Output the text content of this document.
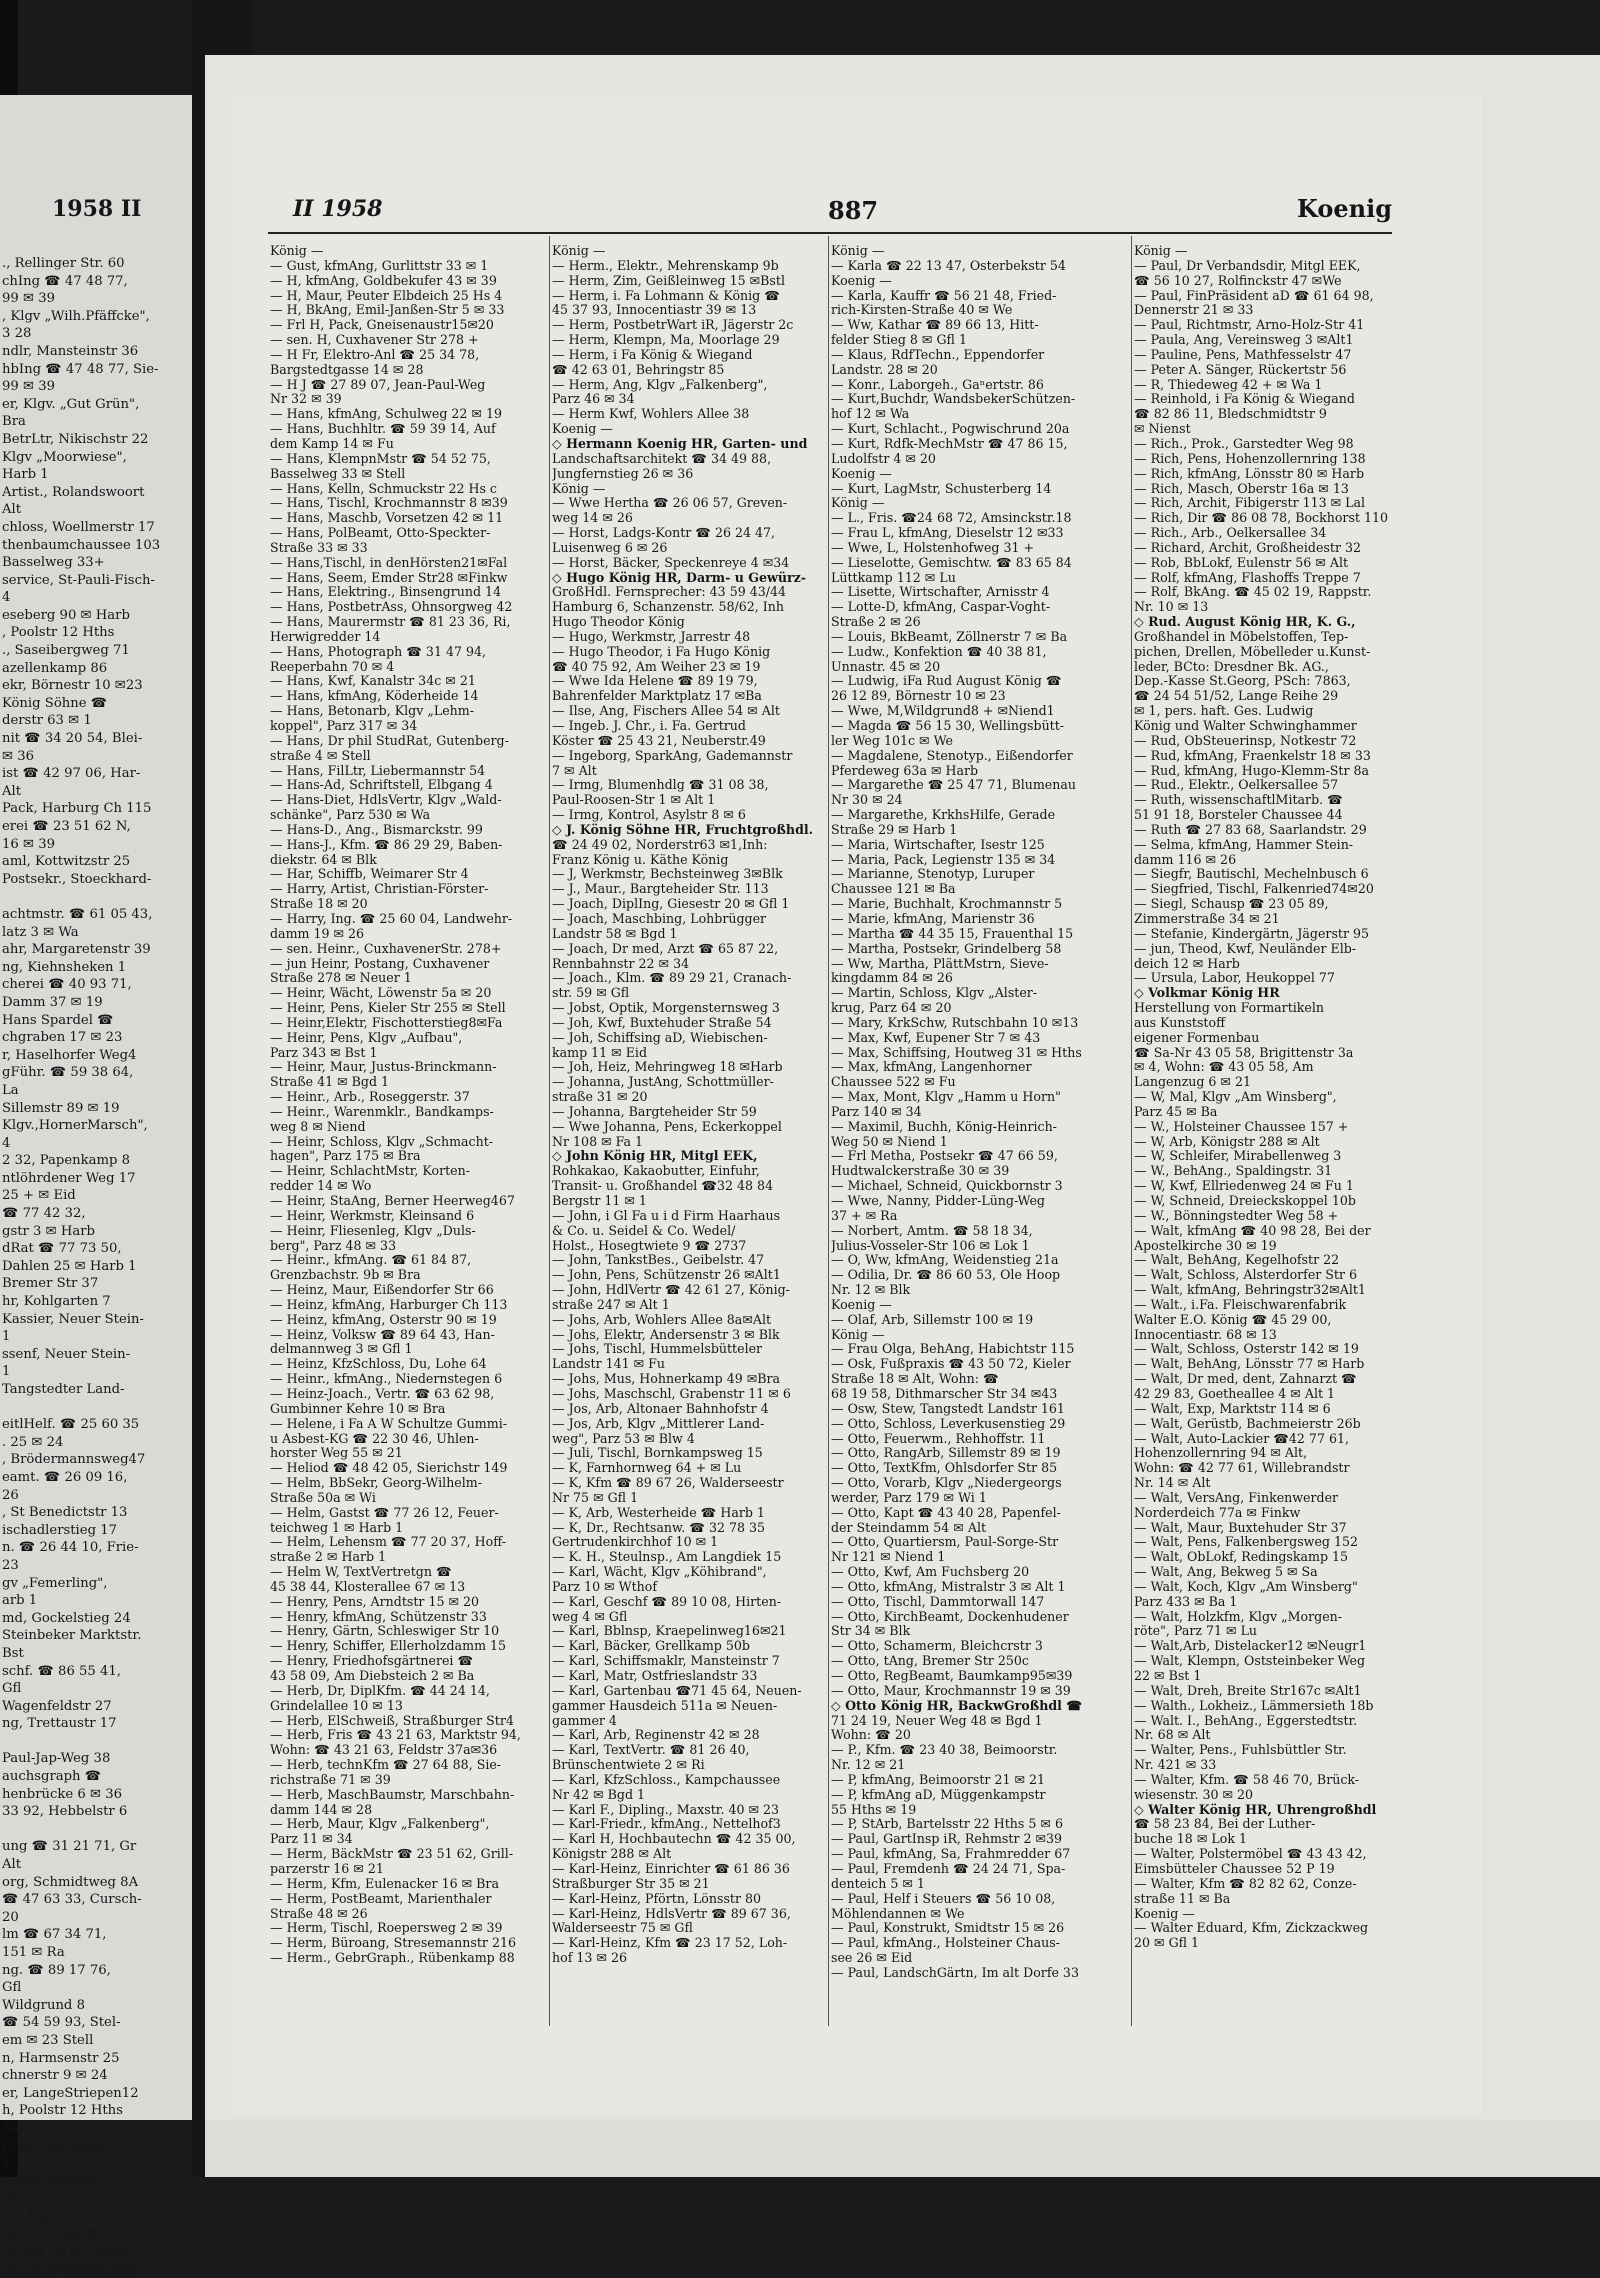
1958 II
., Rellinger Str. 60
chIng ☎ 47 48 77,
99 ✉ 39
, Klgv „Wilh.Pfäffcke",
3 28
ndlr, Mansteinstr 36
hbIng ☎ 47 48 77, Sie-
99 ✉ 39
er, Klgv. „Gut Grün",
Bra
BetrLtr, Nikischstr 22
Klgv „Moorwiese",
Harb 1
Artist., Rolandswoort
Alt
chloss, Woellmerstr 17
thenbaumchaussee 103
Basselweg 33+
service, St-Pauli-Fisch-
4
eseberg 90 ✉ Harb
, Poolstr 12 Hths
., Saseibergweg 71
azellenkamp 86
ekr, Börnestr 10 ✉23
König Söhne ☎
derstr 63 ✉ 1
nit ☎ 34 20 54, Blei-
✉ 36
ist ☎ 42 97 06, Har-
Alt
Pack, Harburg Ch 115
erei ☎ 23 51 62 N,
16 ✉ 39
aml, Kottwitzstr 25
Postsekr., Stoeckhard-

achtmstr. ☎ 61 05 43,
latz 3 ✉ Wa
ahr, Margaretenstr 39
ng, Kiehnsheken 1
cherei ☎ 40 93 71,
Damm 37 ✉ 19
Hans Spardel ☎
chgraben 17 ✉ 23
r, Haselhorfer Weg4
gFühr. ☎ 59 38 64,
La
Sillemstr 89 ✉ 19
Klgv.,HornerMarsch",
4
2 32, Papenkamp 8
ntlöhrdener Weg 17
25 + ✉ Eid
☎ 77 42 32,
gstr 3 ✉ Harb
dRat ☎ 77 73 50,
Dahlen 25 ✉ Harb 1
Bremer Str 37
hr, Kohlgarten 7
Kassier, Neuer Stein-
1
ssenf, Neuer Stein-
1
Tangstedter Land-

eitlHelf. ☎ 25 60 35
. 25 ✉ 24
, Brödermannsweg47
eamt. ☎ 26 09 16,
26
, St Benedictstr 13
ischadlerstieg 17
n. ☎ 26 44 10, Frie-
23
gv „Femerling",
arb 1
md, Gockelstieg 24
Steinbeker Marktstr.
Bst
schf. ☎ 86 55 41,
Gfl
Wagenfeldstr 27
ng, Trettaustr 17

Paul-Jap-Weg 38
auchsgraph ☎
henbrücke 6 ✉ 36
33 92, Hebbelstr 6

ung ☎ 31 21 71, Gr
Alt
org, Schmidtweg 8A
☎ 47 63 33, Cursch-
20
lm ☎ 67 34 71,
151 ✉ Ra
ng. ☎ 89 17 76,
Gfl
Wildgrund 8
☎ 54 59 93, Stel-
em ✉ 23 Stell
n, Harmsenstr 25
chnerstr 9 ✉ 24
er, LangeStriepen12
h, Poolstr 12 Hths
Slomanstr. 31 ✉ 2
issar, Buchwald-
1
t, Bahrenfelder
Ba
str, Klgv „Ham-
Parr 227✉Bstl
ler Str 28 ✉ Finkw
ph., Schwarzbuchen-
II 1958	887	Koenig
König —
— Gust, kfmAng, Gurlittstr 33 ✉ 1
— H, kfmAng, Goldbekufer 43 ✉ 39
— H, Maur, Peuter Elbdeich 25 Hs 4
— H, BkAng, Emil-Janßen-Str 5 ✉ 33
— Frl H, Pack, Gneisenaustr15✉20
— sen. H, Cuxhavener Str 278 +
— H Fr, Elektro-Anl ☎ 25 34 78,
Bargstedtgasse 14 ✉ 28
— H J ☎ 27 89 07, Jean-Paul-Weg
Nr 32 ✉ 39
— Hans, kfmAng, Schulweg 22 ✉ 19
— Hans, Buchhltr. ☎ 59 39 14, Auf
dem Kamp 14 ✉ Fu
— Hans, KlempnMstr ☎ 54 52 75,
Basselweg 33 ✉ Stell
— Hans, Kelln, Schmuckstr 22 Hs c
— Hans, Tischl, Krochmannstr 8 ✉39
— Hans, Maschb, Vorsetzen 42 ✉ 11
— Hans, PolBeamt, Otto-Speckter-
Straße 33 ✉ 33
— Hans,Tischl, in denHörsten21✉Fal
— Hans, Seem, Emder Str28 ✉Finkw
— Hans, Elektring., Binsengrund 14
— Hans, PostbetrAss, Ohnsorgweg 42
— Hans, Maurermstr ☎ 81 23 36, Ri,
Herwigredder 14
— Hans, Photograph ☎ 31 47 94,
Reeperbahn 70 ✉ 4
— Hans, Kwf, Kanalstr 34c ✉ 21
— Hans, kfmAng, Köderheide 14
— Hans, Betonarb, Klgv „Lehm-
koppel", Parz 317 ✉ 34
— Hans, Dr phil StudRat, Gutenberg-
straße 4 ✉ Stell
— Hans, FilLtr, Liebermannstr 54
— Hans-Ad, Schriftstell, Elbgang 4
— Hans-Diet, HdlsVertr, Klgv „Wald-
schänke", Parz 530 ✉ Wa
— Hans-D., Ang., Bismarckstr. 99
— Hans-J., Kfm. ☎ 86 29 29, Baben-
diekstr. 64 ✉ Blk
— Har, Schiffb, Weimarer Str 4
— Harry, Artist, Christian-Förster-
Straße 18 ✉ 20
— Harry, Ing. ☎ 25 60 04, Landwehr-
damm 19 ✉ 26
— sen. Heinr., CuxhavenerStr. 278+
— jun Heinr, Postang, Cuxhavener
Straße 278 ✉ Neuer 1
— Heinr, Wächt, Löwenstr 5a ✉ 20
— Heinr, Pens, Kieler Str 255 ✉ Stell
— Heinr,Elektr, Fischotterstieg8✉Fa
— Heinr, Pens, Klgv „Aufbau",
Parz 343 ✉ Bst 1
— Heinr, Maur, Justus-Brinckmann-
Straße 41 ✉ Bgd 1
— Heinr., Arb., Roseggerstr. 37
— Heinr., Warenmklr., Bandkamps-
weg 8 ✉ Niend
— Heinr, Schloss, Klgv „Schmacht-
hagen", Parz 175 ✉ Bra
— Heinr, SchlachtMstr, Korten-
redder 14 ✉ Wo
— Heinr, StaAng, Berner Heerweg467
— Heinr, Werkmstr, Kleinsand 6
— Heinr, Fliesenleg, Klgv „Duls-
berg", Parz 48 ✉ 33
— Heinr., kfmAng. ☎ 61 84 87,
Grenzbachstr. 9b ✉ Bra
— Heinz, Maur, Eißendorfer Str 66
— Heinz, kfmAng, Harburger Ch 113
— Heinz, kfmAng, Osterstr 90 ✉ 19
— Heinz, Volksw ☎ 89 64 43, Han-
delmannweg 3 ✉ Gfl 1
— Heinz, KfzSchloss, Du, Lohe 64
— Heinr., kfmAng., Niedernstegen 6
— Heinz-Joach., Vertr. ☎ 63 62 98,
Gumbinner Kehre 10 ✉ Bra
— Helene, i Fa A W Schultze Gummi-
u Asbest-KG ☎ 22 30 46, Uhlen-
horster Weg 55 ✉ 21
— Heliod ☎ 48 42 05, Sierichstr 149
— Helm, BbSekr, Georg-Wilhelm-
Straße 50a ✉ Wi
— Helm, Gastst ☎ 77 26 12, Feuer-
teichweg 1 ✉ Harb 1
— Helm, Lehensm ☎ 77 20 37, Hoff-
straße 2 ✉ Harb 1
— Helm W, TextVertretgn ☎
45 38 44, Klosterallee 67 ✉ 13
— Henry, Pens, Arndtstr 15 ✉ 20
— Henry, kfmAng, Schützenstr 33
— Henry, Gärtn, Schleswiger Str 10
— Henry, Schiffer, Ellerholzdamm 15
— Henry, Friedhofsgärtnerei ☎
43 58 09, Am Diebsteich 2 ✉ Ba
— Herb, Dr, DiplKfm. ☎ 44 24 14,
Grindelallee 10 ✉ 13
— Herb, ElSchweiß, Straßburger Str4
— Herb, Fris ☎ 43 21 63, Marktstr 94,
Wohn: ☎ 43 21 63, Feldstr 37a✉36
— Herb, technKfm ☎ 27 64 88, Sie-
richstraße 71 ✉ 39
— Herb, MaschBaumstr, Marschbahn-
damm 144 ✉ 28
— Herb, Maur, Klgv „Falkenberg",
Parz 11 ✉ 34
— Herm, BäckMstr ☎ 23 51 62, Grill-
parzerstr 16 ✉ 21
— Herm, Kfm, Eulenacker 16 ✉ Bra
— Herm, PostBeamt, Marienthaler
Straße 48 ✉ 26
— Herm, Tischl, Roepersweg 2 ✉ 39
— Herm, Büroang, Stresemannstr 216
— Herm., GebrGraph., Rübenkamp 88
König —
— Herm., Elektr., Mehrenskamp 9b
— Herm, Zim, Geißleinweg 15 ✉Bstl
— Herm, i. Fa Lohmann & König ☎
45 37 93, Innocentiastr 39 ✉ 13
— Herm, PostbetrWart iR, Jägerstr 2c
— Herm, Klempn, Ma, Moorlage 29
— Herm, i Fa König & Wiegand
☎ 42 63 01, Behringstr 85
— Herm, Ang, Klgv „Falkenberg",
Parz 46 ✉ 34
— Herm Kwf, Wohlers Allee 38
Koenig —
◇ Hermann Koenig HR, Garten- und
Landschaftsarchitekt ☎ 34 49 88,
Jungfernstieg 26 ✉ 36
König —
— Wwe Hertha ☎ 26 06 57, Greven-
weg 14 ✉ 26
— Horst, Ladgs-Kontr ☎ 26 24 47,
Luisenweg 6 ✉ 26
— Horst, Bäcker, Speckenreye 4 ✉34
◇ Hugo König HR, Darm- u Gewürz-
GroßHdl. Fernsprecher: 43 59 43/44
Hamburg 6, Schanzenstr. 58/62, Inh
Hugo Theodor König
— Hugo, Werkmstr, Jarrestr 48
— Hugo Theodor, i Fa Hugo König
☎ 40 75 92, Am Weiher 23 ✉ 19
— Wwe Ida Helene ☎ 89 19 79,
Bahrenfelder Marktplatz 17 ✉Ba
— Ilse, Ang, Fischers Allee 54 ✉ Alt
— Ingeb. J. Chr., i. Fa. Gertrud
Köster ☎ 25 43 21, Neuberstr.49
— Ingeborg, SparkAng, Gademannstr
7 ✉ Alt
— Irmg, Blumenhdlg ☎ 31 08 38,
Paul-Roosen-Str 1 ✉ Alt 1
— Irmg, Kontrol, Asylstr 8 ✉ 6
◇ J. König Söhne HR, Fruchtgroßhdl.
☎ 24 49 02, Norderstr63 ✉1,Inh:
Franz König u. Käthe König
— J, Werkmstr, Bechsteinweg 3✉Blk
— J., Maur., Bargteheider Str. 113
— Joach, DiplIng, Giesestr 20 ✉ Gfl 1
— Joach, Maschbing, Lohbrügger
Landstr 58 ✉ Bgd 1
— Joach, Dr med, Arzt ☎ 65 87 22,
Rennbahnstr 22 ✉ 34
— Joach., Klm. ☎ 89 29 21, Cranach-
str. 59 ✉ Gfl
— Jobst, Optik, Morgensternsweg 3
— Joh, Kwf, Buxtehuder Straße 54
— Joh, Schiffsing aD, Wiebischen-
kamp 11 ✉ Eid
— Joh, Heiz, Mehringweg 18 ✉Harb
— Johanna, JustAng, Schottmüller-
straße 31 ✉ 20
— Johanna, Bargteheider Str 59
— Wwe Johanna, Pens, Eckerkoppel
Nr 108 ✉ Fa 1
◇ John König HR, Mitgl EEK,
Rohkakao, Kakaobutter, Einfuhr,
Transit- u. Großhandel ☎32 48 84
Bergstr 11 ✉ 1
— John, i Gl Fa u i d Firm Haarhaus
& Co. u. Seidel & Co. Wedel/
Holst., Hosegtwiete 9 ☎ 2737
— John, TankstBes., Geibelstr. 47
— John, Pens, Schützenstr 26 ✉Alt1
— John, HdlVertr ☎ 42 61 27, König-
straße 247 ✉ Alt 1
— Johs, Arb, Wohlers Allee 8a✉Alt
— Johs, Elektr, Andersenstr 3 ✉ Blk
— Johs, Tischl, Hummelsbütteler
Landstr 141 ✉ Fu
— Johs, Mus, Hohnerkamp 49 ✉Bra
— Johs, Maschschl, Grabenstr 11 ✉ 6
— Jos, Arb, Altonaer Bahnhofstr 4
— Jos, Arb, Klgv „Mittlerer Land-
weg", Parz 53 ✉ Blw 4
— Juli, Tischl, Bornkampsweg 15
— K, Farnhornweg 64 + ✉ Lu
— K, Kfm ☎ 89 67 26, Walderseestr
Nr 75 ✉ Gfl 1
— K, Arb, Westerheide ☎ Harb 1
— K, Dr., Rechtsanw. ☎ 32 78 35
Gertrudenkirchhof 10 ✉ 1
— K. H., Steulnsp., Am Langdiek 15
— Karl, Wächt, Klgv „Köhibrand",
Parz 10 ✉ Wthof
— Karl, Geschf ☎ 89 10 08, Hirten-
weg 4 ✉ Gfl
— Karl, Bblnsp, Kraepelinweg16✉21
— Karl, Bäcker, Grellkamp 50b
— Karl, Schiffsmaklr, Mansteinstr 7
— Karl, Matr, Ostfrieslandstr 33
— Karl, Gartenbau ☎71 45 64, Neuen-
gammer Hausdeich 511a ✉ Neuen-
gammer 4
— Karl, Arb, Reginenstr 42 ✉ 28
— Karl, TextVertr. ☎ 81 26 40,
Brünschentwiete 2 ✉ Ri
— Karl, KfzSchloss., Kampchaussee
Nr 42 ✉ Bgd 1
— Karl F., Dipling., Maxstr. 40 ✉ 23
— Karl-Friedr., kfmAng., Nettelhof3
— Karl H, Hochbautechn ☎ 42 35 00,
Königstr 288 ✉ Alt
— Karl-Heinz, Einrichter ☎ 61 86 36
Straßburger Str 35 ✉ 21
— Karl-Heinz, Pförtn, Lönsstr 80
— Karl-Heinz, HdlsVertr ☎ 89 67 36,
Walderseestr 75 ✉ Gfl
— Karl-Heinz, Kfm ☎ 23 17 52, Loh-
hof 13 ✉ 26
König —
— Karla ☎ 22 13 47, Osterbekstr 54
Koenig —
— Karla, Kauffr ☎ 56 21 48, Fried-
rich-Kirsten-Straße 40 ✉ We
— Ww, Kathar ☎ 89 66 13, Hitt-
felder Stieg 8 ✉ Gfl 1
— Klaus, RdfTechn., Eppendorfer
Landstr. 28 ✉ 20
— Konr., Laborgeh., Gaⁿertstr. 86
— Kurt,Buchdr, WandsbekerSchützen-
hof 12 ✉ Wa
— Kurt, Schlacht., Pogwischrund 20a
— Kurt, Rdfk-MechMstr ☎ 47 86 15,
Ludolfstr 4 ✉ 20
Koenig —
— Kurt, LagMstr, Schusterberg 14
König —
— L., Fris. ☎24 68 72, Amsinckstr.18
— Frau L, kfmAng, Dieselstr 12 ✉33
— Wwe, L, Holstenhofweg 31 +
— Lieselotte, Gemischtw. ☎ 83 65 84
Lüttkamp 112 ✉ Lu
— Lisette, Wirtschafter, Arnisstr 4
— Lotte-D, kfmAng, Caspar-Voght-
Straße 2 ✉ 26
— Louis, BkBeamt, Zöllnerstr 7 ✉ Ba
— Ludw., Konfektion ☎ 40 38 81,
Unnastr. 45 ✉ 20
— Ludwig, iFa Rud August König ☎
26 12 89, Börnestr 10 ✉ 23
— Wwe, M,Wildgrund8 + ✉Niend1
— Magda ☎ 56 15 30, Wellingsbütt-
ler Weg 101c ✉ We
— Magdalene, Stenotyp., Eißendorfer
Pferdeweg 63a ✉ Harb
— Margarethe ☎ 25 47 71, Blumenau
Nr 30 ✉ 24
— Margarethe, KrkhsHilfe, Gerade
Straße 29 ✉ Harb 1
— Maria, Wirtschafter, Isestr 125
— Maria, Pack, Legienstr 135 ✉ 34
— Marianne, Stenotyp, Luruper
Chaussee 121 ✉ Ba
— Marie, Buchhalt, Krochmannstr 5
— Marie, kfmAng, Marienstr 36
— Martha ☎ 44 35 15, Frauenthal 15
— Martha, Postsekr, Grindelberg 58
— Ww, Martha, PlättMstrn, Sieve-
kingdamm 84 ✉ 26
— Martin, Schloss, Klgv „Alster-
krug, Parz 64 ✉ 20
— Mary, KrkSchw, Rutschbahn 10 ✉13
— Max, Kwf, Eupener Str 7 ✉ 43
— Max, Schiffsing, Houtweg 31 ✉ Hths
— Max, kfmAng, Langenhorner
Chaussee 522 ✉ Fu
— Max, Mont, Klgv „Hamm u Horn"
Parz 140 ✉ 34
— Maximil, Buchh, König-Heinrich-
Weg 50 ✉ Niend 1
— Frl Metha, Postsekr ☎ 47 66 59,
Hudtwalckerstraße 30 ✉ 39
— Michael, Schneid, Quickbornstr 3
— Wwe, Nanny, Pidder-Lüng-Weg
37 + ✉ Ra
— Norbert, Amtm. ☎ 58 18 34,
Julius-Vosseler-Str 106 ✉ Lok 1
— O, Ww, kfmAng, Weidenstieg 21a
— Odilia, Dr. ☎ 86 60 53, Ole Hoop
Nr. 12 ✉ Blk
Koenig —
— Olaf, Arb, Sillemstr 100 ✉ 19
König —
— Frau Olga, BehAng, Habichtstr 115
— Osk, Fußpraxis ☎ 43 50 72, Kieler
Straße 18 ✉ Alt, Wohn: ☎
68 19 58, Dithmarscher Str 34 ✉43
— Osw, Stew, Tangstedt Landstr 161
— Otto, Schloss, Leverkusenstieg 29
— Otto, Feuerwm., Rehhoffstr. 11
— Otto, RangArb, Sillemstr 89 ✉ 19
— Otto, TextKfm, Ohlsdorfer Str 85
— Otto, Vorarb, Klgv „Niedergeorgs
werder, Parz 179 ✉ Wi 1
— Otto, Kapt ☎ 43 40 28, Papenfel-
der Steindamm 54 ✉ Alt
— Otto, Quartiersm, Paul-Sorge-Str
Nr 121 ✉ Niend 1
— Otto, Kwf, Am Fuchsberg 20
— Otto, kfmAng, Mistralstr 3 ✉ Alt 1
— Otto, Tischl, Dammtorwall 147
— Otto, KirchBeamt, Dockenhudener
Str 34 ✉ Blk
— Otto, Schamerm, Bleichcrstr 3
— Otto, tAng, Bremer Str 250c
— Otto, RegBeamt, Baumkamp95✉39
— Otto, Maur, Krochmannstr 19 ✉ 39
◇ Otto König HR, BackwGroßhdl ☎
71 24 19, Neuer Weg 48 ✉ Bgd 1
Wohn: ☎ 20
— P., Kfm. ☎ 23 40 38, Beimoorstr.
Nr. 12 ✉ 21
— P, kfmAng, Beimoorstr 21 ✉ 21
— P, kfmAng aD, Müggenkampstr
55 Hths ✉ 19
— P, StArb, Bartelsstr 22 Hths 5 ✉ 6
— Paul, GartInsp iR, Rehmstr 2 ✉39
— Paul, kfmAng, Sa, Frahmredder 67
— Paul, Fremdenh ☎ 24 24 71, Spa-
denteich 5 ✉ 1
— Paul, Helf i Steuers ☎ 56 10 08,
Möhlendannen ✉ We
— Paul, Konstrukt, Smidtstr 15 ✉ 26
— Paul, kfmAng., Holsteiner Chaus-
see 26 ✉ Eid
— Paul, LandschGärtn, Im alt Dorfe 33
König —
— Paul, Dr Verbandsdir, Mitgl EEK,
☎ 56 10 27, Rolfinckstr 47 ✉We
— Paul, FinPräsident aD ☎ 61 64 98,
Dennerstr 21 ✉ 33
— Paul, Richtmstr, Arno-Holz-Str 41
— Paula, Ang, Vereinsweg 3 ✉Alt1
— Pauline, Pens, Mathfesselstr 47
— Peter A. Sänger, Rückertstr 56
— R, Thiedeweg 42 + ✉ Wa 1
— Reinhold, i Fa König & Wiegand
☎ 82 86 11, Bledschmidtstr 9
✉ Nienst
— Rich., Prok., Garstedter Weg 98
— Rich, Pens, Hohenzollernring 138
— Rich, kfmAng, Lönsstr 80 ✉ Harb
— Rich, Masch, Oberstr 16a ✉ 13
— Rich, Archit, Fibigerstr 113 ✉ Lal
— Rich, Dir ☎ 86 08 78, Bockhorst 110
— Rich., Arb., Oelkersallee 34
— Richard, Archit, Großheidestr 32
— Rob, BbLokf, Eulenstr 56 ✉ Alt
— Rolf, kfmAng, Flashoffs Treppe 7
— Rolf, BkAng. ☎ 45 02 19, Rappstr.
Nr. 10 ✉ 13
◇ Rud. August König HR, K. G.,
Großhandel in Möbelstoffen, Tep-
pichen, Drellen, Möbelleder u.Kunst-
leder, BCto: Dresdner Bk. AG.,
Dep.-Kasse St.Georg, PSch: 7863,
☎ 24 54 51/52, Lange Reihe 29
✉ 1, pers. haft. Ges. Ludwig
König und Walter Schwinghammer
— Rud, ObSteuerinsp, Notkestr 72
— Rud, kfmAng, Fraenkelstr 18 ✉ 33
— Rud, kfmAng, Hugo-Klemm-Str 8a
— Rud., Elektr., Oelkersallee 57
— Ruth, wissenschaftlMitarb. ☎
51 91 18, Borsteler Chaussee 44
— Ruth ☎ 27 83 68, Saarlandstr. 29
— Selma, kfmAng, Hammer Stein-
damm 116 ✉ 26
— Siegfr, Bautischl, Mechelnbusch 6
— Siegfried, Tischl, Falkenried74✉20
— Siegl, Schausp ☎ 23 05 89,
Zimmerstraße 34 ✉ 21
— Stefanie, Kindergärtn, Jägerstr 95
— jun, Theod, Kwf, Neuländer Elb-
deich 12 ✉ Harb
— Ursula, Labor, Heukoppel 77
◇ Volkmar König HR
Herstellung von Formartikeln
aus Kunststoff
eigener Formenbau
☎ Sa-Nr 43 05 58, Brigittenstr 3a
✉ 4, Wohn: ☎ 43 05 58, Am
Langenzug 6 ✉ 21
— W, Mal, Klgv „Am Winsberg",
Parz 45 ✉ Ba
— W., Holsteiner Chaussee 157 +
— W, Arb, Königstr 288 ✉ Alt
— W, Schleifer, Mirabellenweg 3
— W., BehAng., Spaldingstr. 31
— W, Kwf, Ellriedenweg 24 ✉ Fu 1
— W, Schneid, Dreieckskoppel 10b
— W., Bönningstedter Weg 58 +
— Walt, kfmAng ☎ 40 98 28, Bei der
Apostelkirche 30 ✉ 19
— Walt, BehAng, Kegelhofstr 22
— Walt, Schloss, Alsterdorfer Str 6
— Walt, kfmAng, Behringstr32✉Alt1
— Walt., i.Fa. Fleischwarenfabrik
Walter E.O. König ☎ 45 29 00,
Innocentiastr. 68 ✉ 13
— Walt, Schloss, Osterstr 142 ✉ 19
— Walt, BehAng, Lönsstr 77 ✉ Harb
— Walt, Dr med, dent, Zahnarzt ☎
42 29 83, Goetheallee 4 ✉ Alt 1
— Walt, Exp, Marktstr 114 ✉ 6
— Walt, Gerüstb, Bachmeierstr 26b
— Walt, Auto-Lackier ☎42 77 61,
Hohenzollernring 94 ✉ Alt,
Wohn: ☎ 42 77 61, Willebrandstr
Nr. 14 ✉ Alt
— Walt, VersAng, Finkenwerder
Norderdeich 77a ✉ Finkw
— Walt, Maur, Buxtehuder Str 37
— Walt, Pens, Falkenbergsweg 152
— Walt, ObLokf, Redingskamp 15
— Walt, Ang, Bekweg 5 ✉ Sa
— Walt, Koch, Klgv „Am Winsberg"
Parz 433 ✉ Ba 1
— Walt, Holzkfm, Klgv „Morgen-
röte", Parz 71 ✉ Lu
— Walt,Arb, Distelacker12 ✉Neugr1
— Walt, Klempn, Oststeinbeker Weg
22 ✉ Bst 1
— Walt, Dreh, Breite Str167c ✉Alt1
— Walth., Lokheiz., Lämmersieth 18b
— Walt. I., BehAng., Eggerstedtstr.
Nr. 68 ✉ Alt
— Walter, Pens., Fuhlsbüttler Str.
Nr. 421 ✉ 33
— Walter, Kfm. ☎ 58 46 70, Brück-
wiesenstr. 30 ✉ 20
◇ Walter König HR, Uhrengroßhdl
☎ 58 23 84, Bei der Luther-
buche 18 ✉ Lok 1
— Walter, Polstermöbel ☎ 43 43 42,
Eimsbütteler Chaussee 52 P 19
— Walter, Kfm ☎ 82 82 62, Conze-
straße 11 ✉ Ba
Koenig —
— Walter Eduard, Kfm, Zickzackweg
20 ✉ Gfl 1
